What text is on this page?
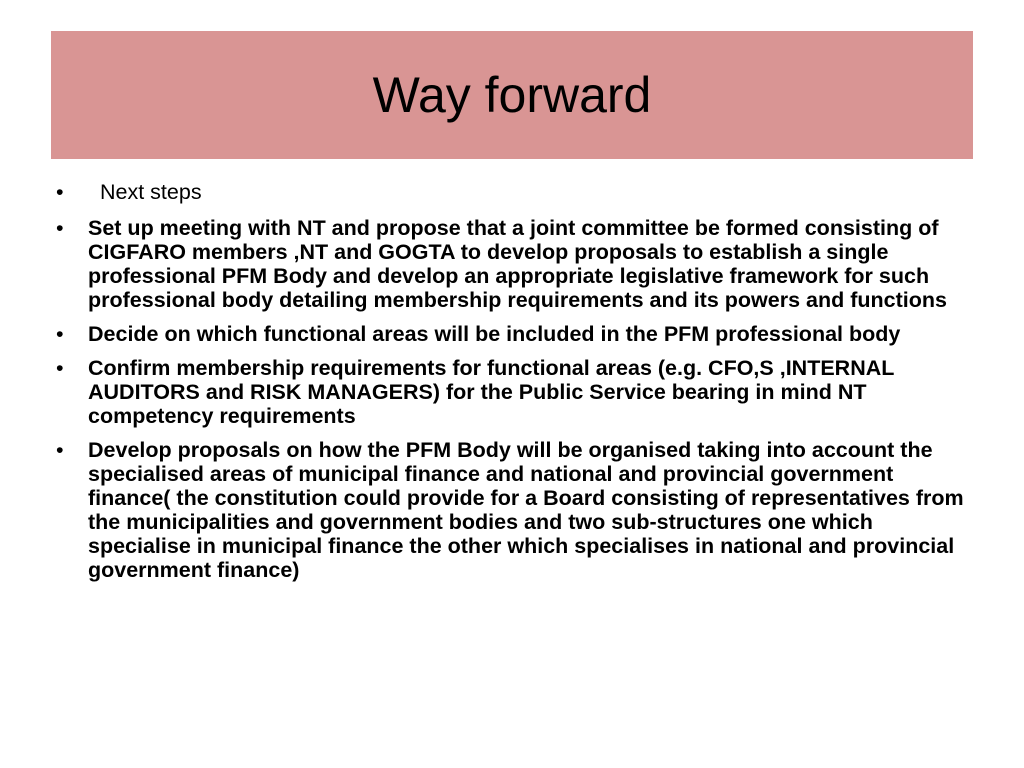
Way forward
•	Next steps
•	Set up meeting with NT and propose that a joint committee be formed consisting of CIGFARO members ,NT and GOGTA to develop proposals to establish a single professional PFM Body and develop an appropriate legislative framework for such professional body detailing membership requirements and its powers and functions
•	Decide on which functional areas will be included in the PFM professional body
•	Confirm membership requirements for functional areas (e.g. CFO,S ,INTERNAL AUDITORS and RISK MANAGERS) for the Public Service bearing in mind NT competency requirements
•	Develop proposals on how the PFM Body will be organised taking into account the specialised areas of municipal finance and national and provincial government finance( the constitution could provide for a Board consisting of representatives from the municipalities and government bodies and two sub-structures one which specialise in municipal finance the other which specialises in national and provincial government finance)
